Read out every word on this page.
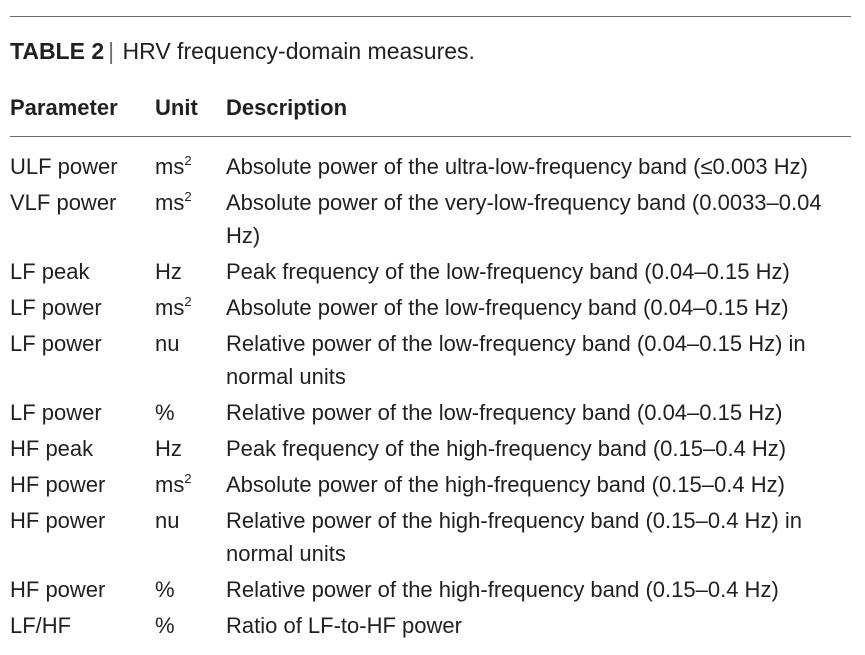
TABLE 2 | HRV frequency-domain measures.
Parameter Unit Description
ULF power $ms^2$ Absolute power of the ultra-low-frequency band (≤0.003 Hz)
VLF power $ms^2$ Absolute power of the very-low-frequency band (0.0033–0.04 Hz)
LF peak	Hz Peak frequency of the low-frequency band (0.04–0.15 Hz)
LF power $ms^2$ Absolute power of the low-frequency band (0.04–0.15 Hz)
LF power nu Relative power of the low-frequency band (0.04–0.15 Hz) in normal units
LF power % Relative power of the low-frequency band (0.04–0.15 Hz)
HF peak	Hz Peak frequency of the high-frequency band (0.15–0.4 Hz)
HF power $ms^2$ Absolute power of the high-frequency band (0.15–0.4 Hz)
HF power nu Relative power of the high-frequency band (0.15–0.4 Hz) in normal units
HF power % Relative power of the high-frequency band (0.15–0.4 Hz)
LF/HF	% Ratio of LF-to-HF power
